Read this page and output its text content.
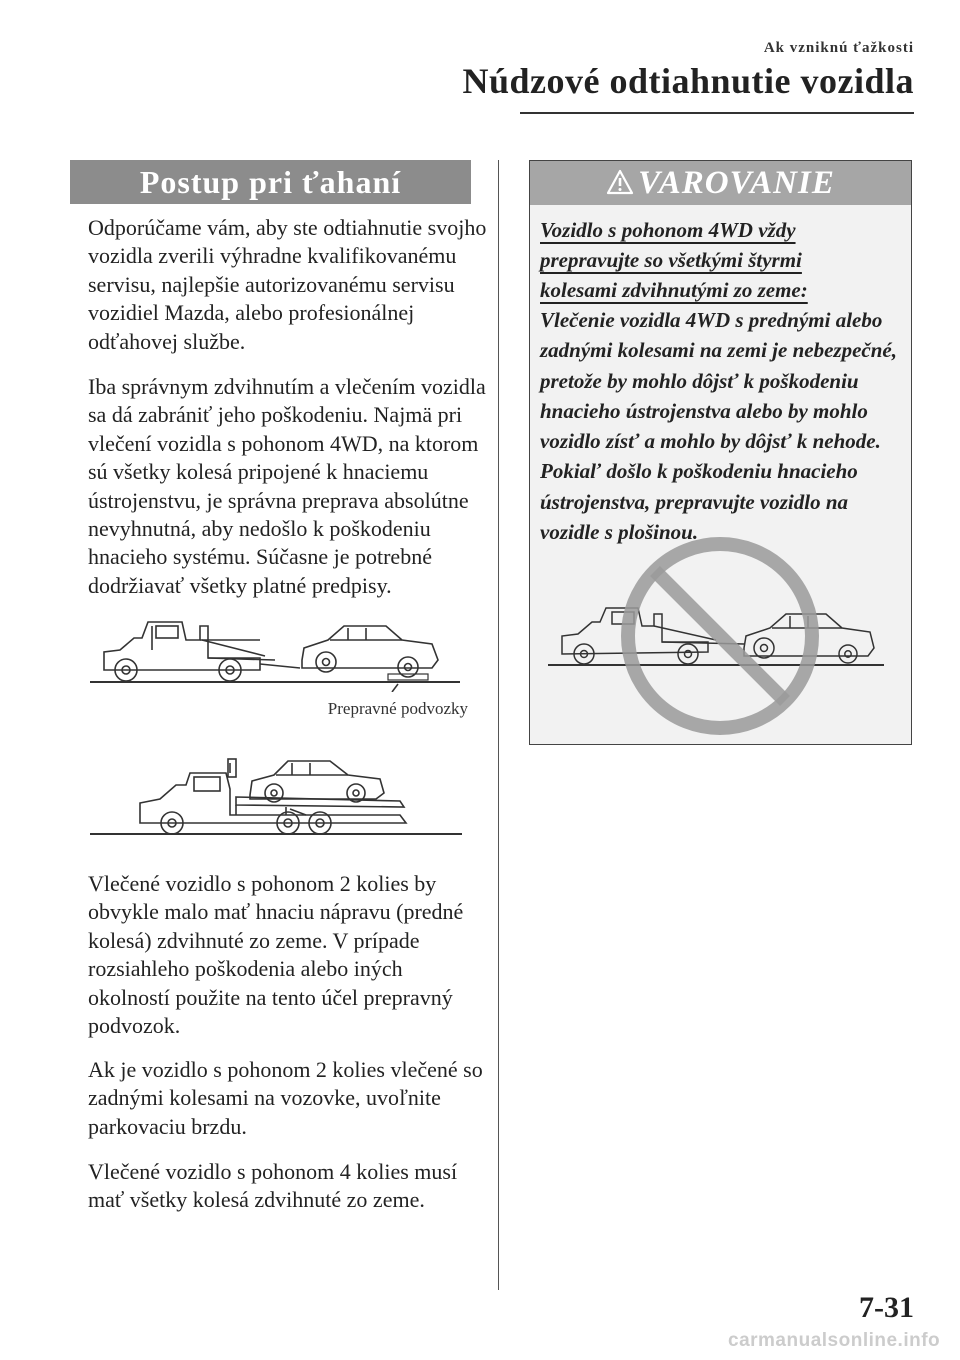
Ak vzniknú ťažkosti
Núdzové odtiahnutie vozidla
Postup pri ťahaní

Odporúčame vám, aby ste odtiahnutie svojho vozidla zverili výhradne kvalifikovanému servisu, najlepšie autorizovanému servisu vozidiel Mazda, alebo profesionálnej odťahovej službe.

Iba správnym zdvihnutím a vlečením vozidla sa dá zabrániť jeho poškodeniu. Najmä pri vlečení vozidla s pohonom 4WD, na ktorom sú všetky kolesá pripojené k hnaciemu ústrojenstvu, je správna preprava absolútne nevyhnutná, aby nedošlo k poškodeniu hnacieho systému. Súčasne je potrebné dodržiavať všetky platné predpisy.

Prepravné podvozky

Vlečené vozidlo s pohonom 2 kolies by obvykle malo mať hnaciu nápravu (predné kolesá) zdvihnuté zo zeme. V prípade rozsiahleho poškodenia alebo iných okolností použite na tento účel prepravný podvozok.

Ak je vozidlo s pohonom 2 kolies vlečené so zadnými kolesami na vozovke, uvoľnite parkovaciu brzdu.

Vlečené vozidlo s pohonom 4 kolies musí mať všetky kolesá zdvihnuté zo zeme.

VAROVANIE
Vozidlo s pohonom 4WD vždy
prepravujte so všetkými štyrmi
kolesami zdvihnutými zo zeme:
Vlečenie vozidla 4WD s prednými alebo zadnými kolesami na zemi je nebezpečné, pretože by mohlo dôjsť k poškodeniu hnacieho ústrojenstva alebo by mohlo vozidlo zísť a mohlo by dôjsť k nehode. Pokiaľ došlo k poškodeniu hnacieho ústrojenstva, prepravujte vozidlo na vozidle s plošinou.
7-31
carmanualsonline.info
